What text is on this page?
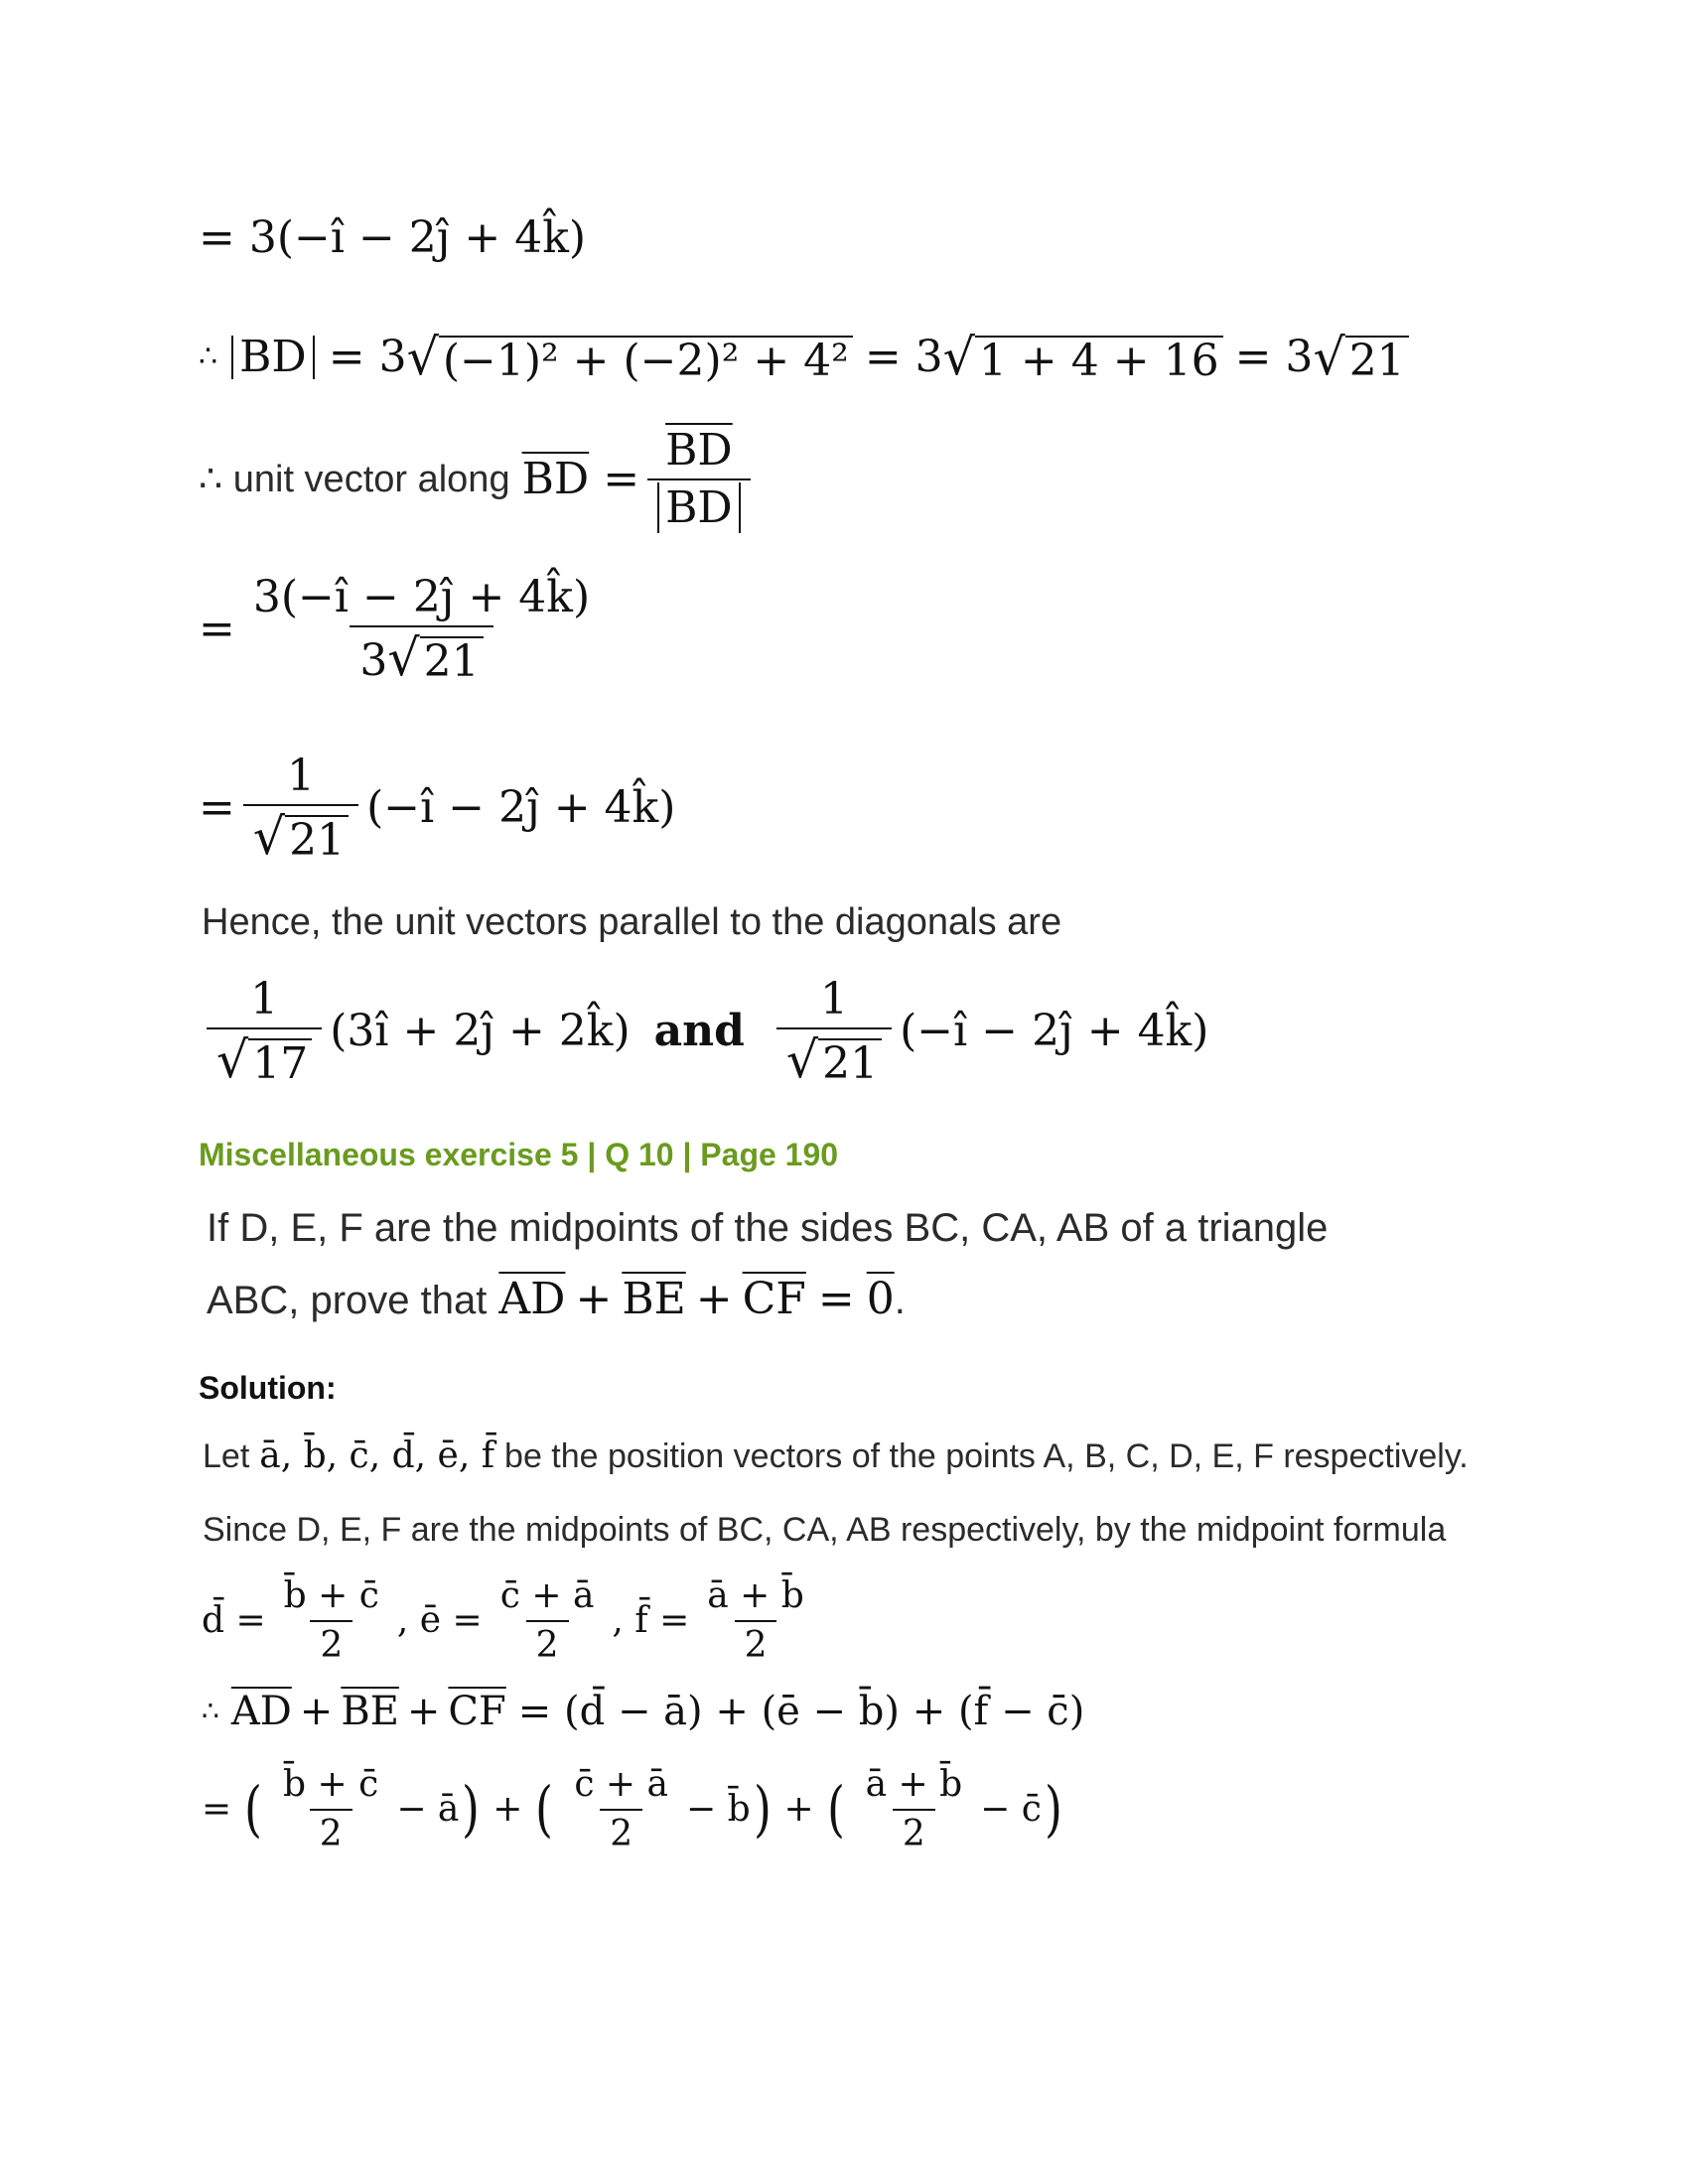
= 3(−î − 2ĵ + 4k̂)
∴ BD = 3 √ (−1)² + (−2)² + 4² = 3 √ 1 + 4 + 16 = 3 √ 21
∴ unit vector along $\overline{BD} = \frac{\overline{BD}}{BD}$
= $\frac{3(-î - 2ĵ + 4k̂)}{3 √ 21}$
= $\frac{1}{√ 21}$ (−î − 2ĵ + 4k̂)
Hence, the unit vectors parallel to the diagonals are
$\frac{1}{√ 17}$ (3î + 2ĵ + 2k̂) and $\frac{1}{√ 21}$ (−î − 2ĵ + 4k̂)
Miscellaneous exercise 5 | Q 10 | Page 190
If D, E, F are the midpoints of the sides BC, CA, AB of a triangle
ABC, prove that $\overline{AD} + \overline{BE} + \overline{CF} = 0$ .
Solution:
Let ā, b̄, c̄, d̄, ē, f̄ be the position vectors of the points A, B, C, D, E, F respectively.
Since D, E, F are the midpoints of BC, CA, AB respectively, by the midpoint formula
d̄ = $\frac{b̄ + c̄}{2}$ , ē = $\frac{c̄ + ā}{2}$ , f̄ = $\frac{ā + b̄}{2}$
∴ $\overline{AD} + \overline{BE} + \overline{CF}$ = (d̄ − ā) + (ē − b̄) + (f̄ − c̄)
= ( $\frac{b̄ + c̄}{2}$ − ā ) + ( $\frac{c̄ + ā}{2}$ − b̄ ) + ( $\frac{ā + b̄}{2}$ − c̄ )
